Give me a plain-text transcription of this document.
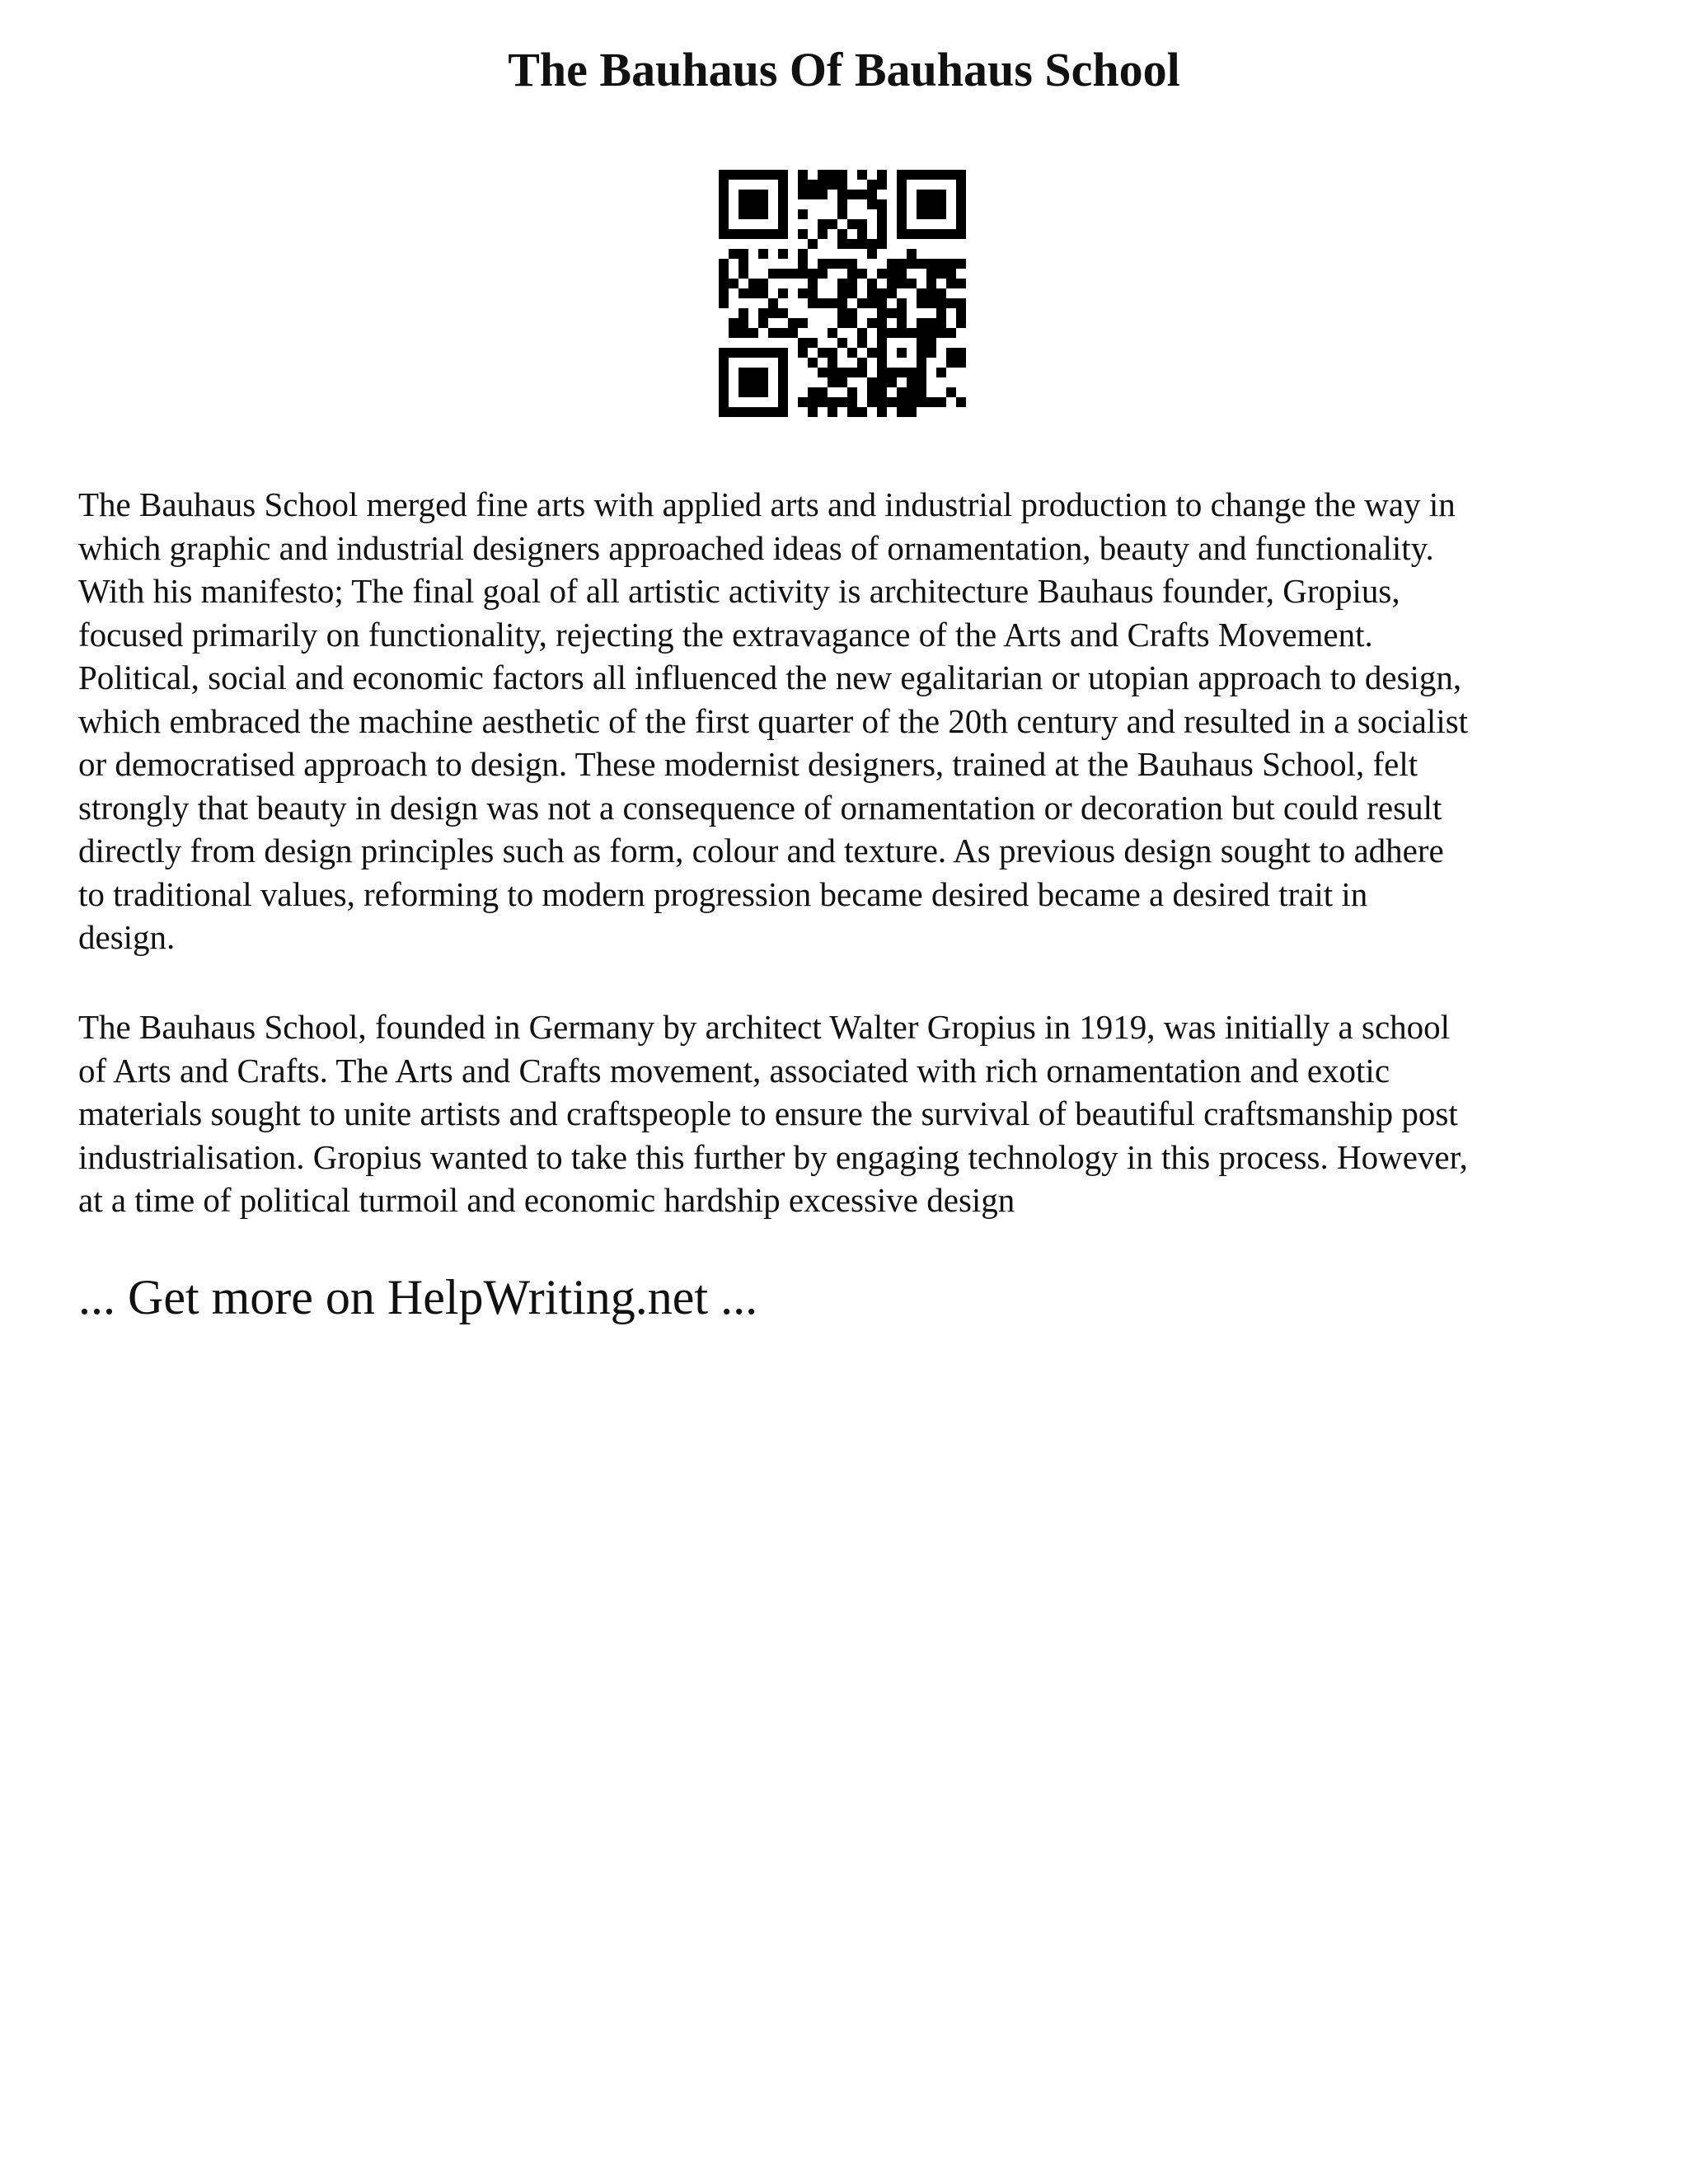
The Bauhaus Of Bauhaus School
The Bauhaus School merged fine arts with applied arts and industrial production to change the way in
which graphic and industrial designers approached ideas of ornamentation, beauty and functionality.
With his manifesto; The final goal of all artistic activity is architecture Bauhaus founder, Gropius,
focused primarily on functionality, rejecting the extravagance of the Arts and Crafts Movement.
Political, social and economic factors all influenced the new egalitarian or utopian approach to design,
which embraced the machine aesthetic of the first quarter of the 20th century and resulted in a socialist
or democratised approach to design. These modernist designers, trained at the Bauhaus School, felt
strongly that beauty in design was not a consequence of ornamentation or decoration but could result
directly from design principles such as form, colour and texture. As previous design sought to adhere
to traditional values, reforming to modern progression became desired became a desired trait in
design.
The Bauhaus School, founded in Germany by architect Walter Gropius in 1919, was initially a school
of Arts and Crafts. The Arts and Crafts movement, associated with rich ornamentation and exotic
materials sought to unite artists and craftspeople to ensure the survival of beautiful craftsmanship post
industrialisation. Gropius wanted to take this further by engaging technology in this process. However,
at a time of political turmoil and economic hardship excessive design

... Get more on HelpWriting.net ...
